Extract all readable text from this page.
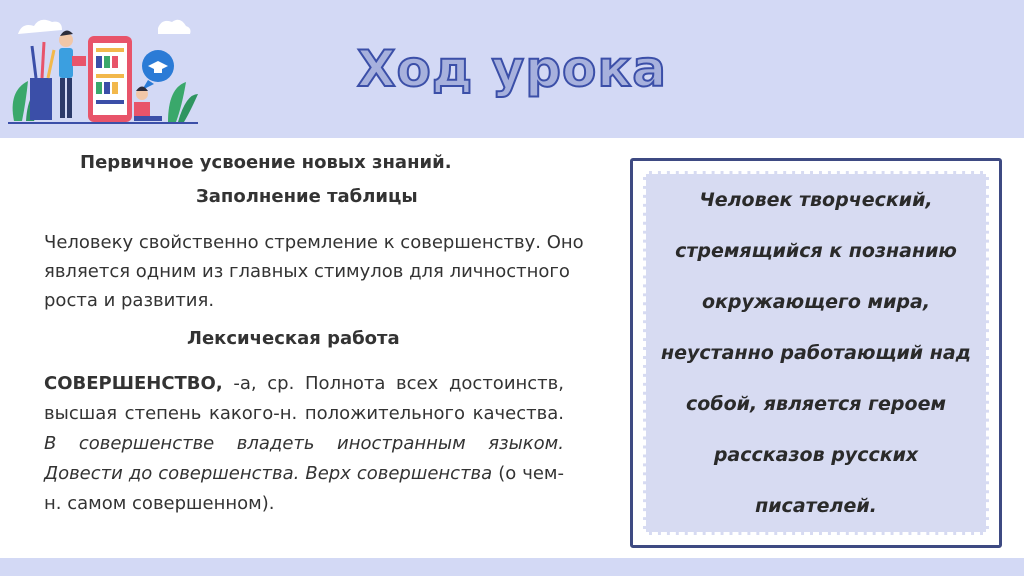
Ход урока
Первичное усвоение новых знаний.
Заполнение таблицы
Человеку свойственно стремление к совершенству. Оно является одним из главных стимулов для личностного роста и развития.
Лексическая работа
СОВЕРШЕНСТВО, -а, ср. Полнота всех достоинств, высшая степень какого-н. положительного качества. В совершенстве владеть иностранным языком. Довести до совершенства. Верх совершенства (о чем-н. самом совершенном).
Человек творческий, стремящийся к познанию окружающего мира, неустанно работающий над собой, является героем рассказов русских писателей.
